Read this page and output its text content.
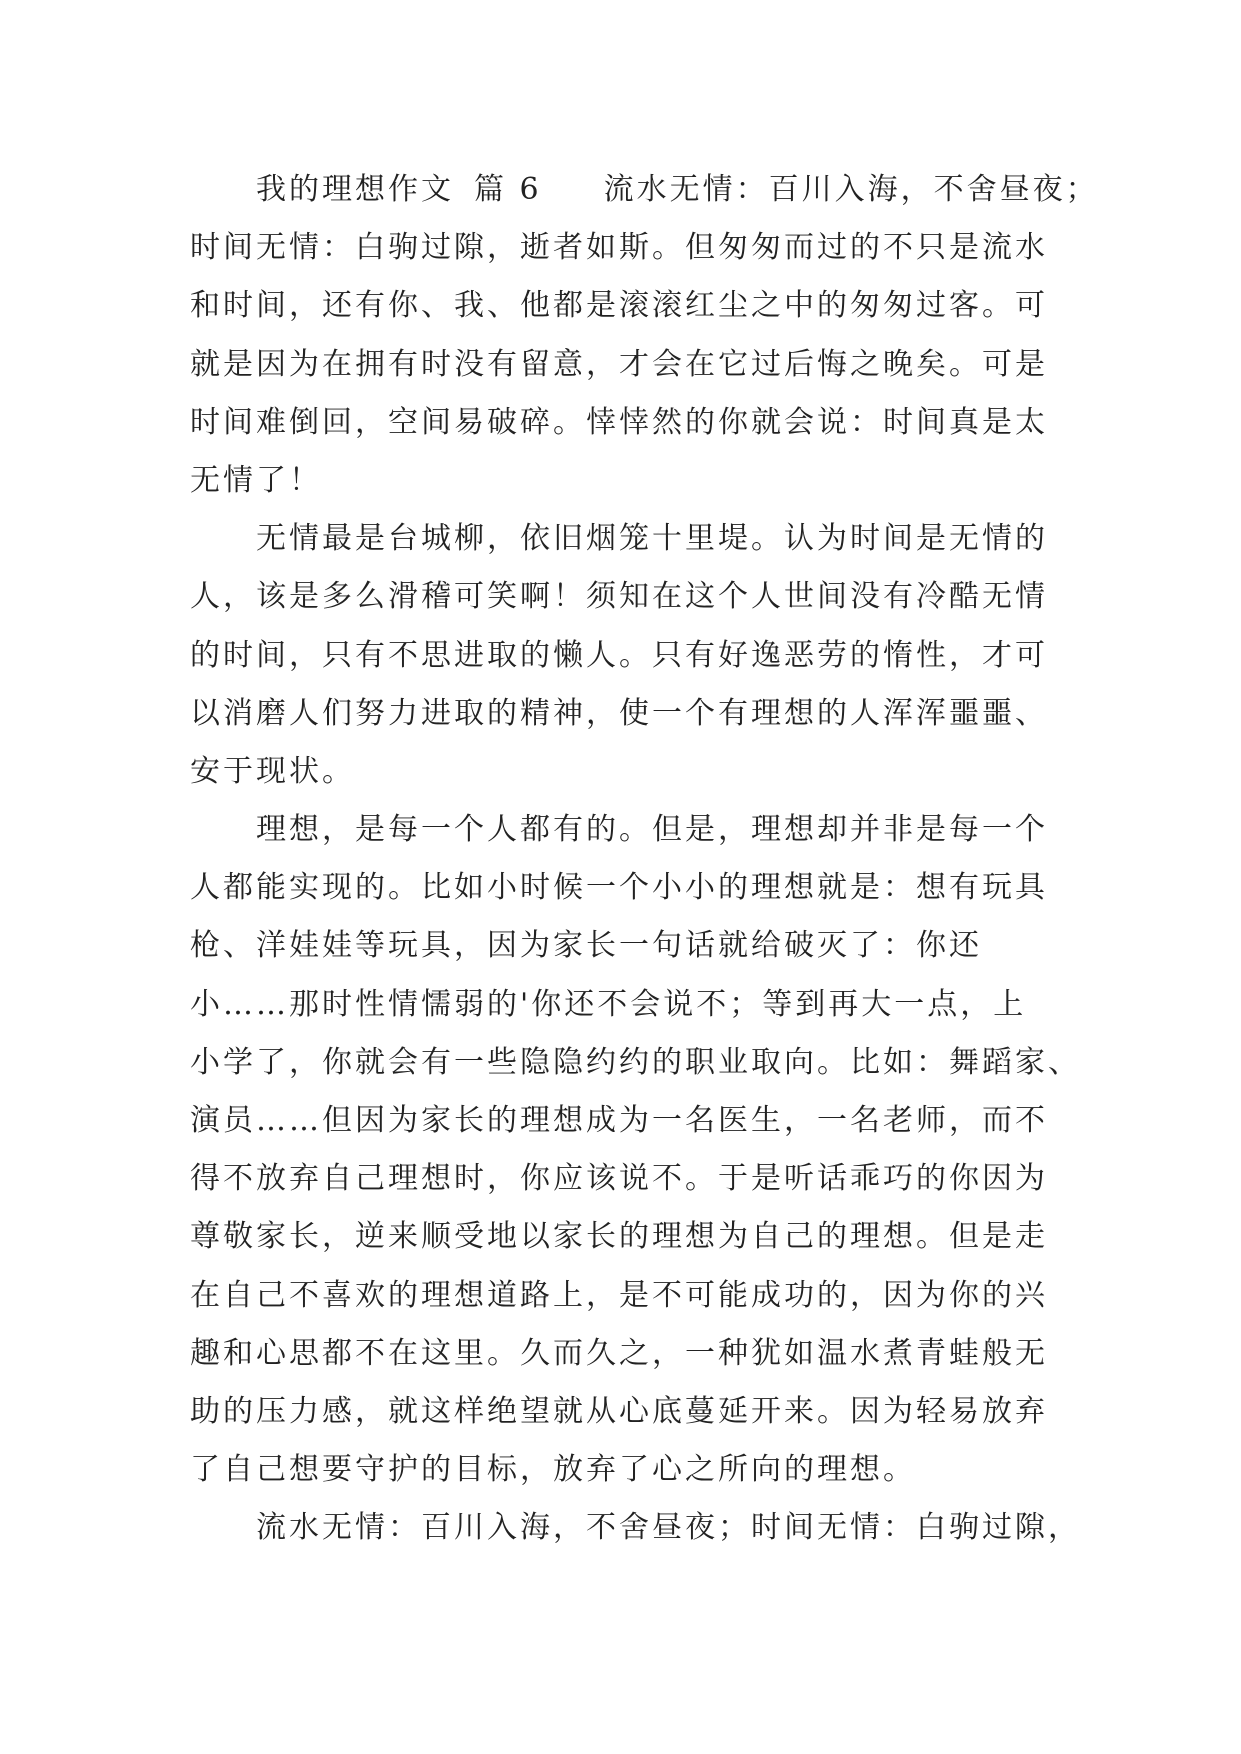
我的理想作文 篇 6 流水无情：百川入海，不舍昼夜；
时间无情：白驹过隙，逝者如斯。但匆匆而过的不只是流水
和时间，还有你、我、他都是滚滚红尘之中的匆匆过客。可
就是因为在拥有时没有留意，才会在它过后悔之晚矣。可是
时间难倒回，空间易破碎。悻悻然的你就会说：时间真是太
无情了！
无情最是台城柳，依旧烟笼十里堤。认为时间是无情的
人，该是多么滑稽可笑啊！须知在这个人世间没有冷酷无情
的时间，只有不思进取的懒人。只有好逸恶劳的惰性，才可
以消磨人们努力进取的精神，使一个有理想的人浑浑噩噩、
安于现状。
理想，是每一个人都有的。但是，理想却并非是每一个
人都能实现的。比如小时候一个小小的理想就是：想有玩具
枪、洋娃娃等玩具，因为家长一句话就给破灭了：你还
小……那时性情懦弱的'你还不会说不；等到再大一点，上
小学了，你就会有一些隐隐约约的职业取向。比如：舞蹈家、
演员……但因为家长的理想成为一名医生，一名老师，而不
得不放弃自己理想时，你应该说不。于是听话乖巧的你因为
尊敬家长，逆来顺受地以家长的理想为自己的理想。但是走
在自己不喜欢的理想道路上，是不可能成功的，因为你的兴
趣和心思都不在这里。久而久之，一种犹如温水煮青蛙般无
助的压力感，就这样绝望就从心底蔓延开来。因为轻易放弃
了自己想要守护的目标，放弃了心之所向的理想。
流水无情：百川入海，不舍昼夜；时间无情：白驹过隙，
